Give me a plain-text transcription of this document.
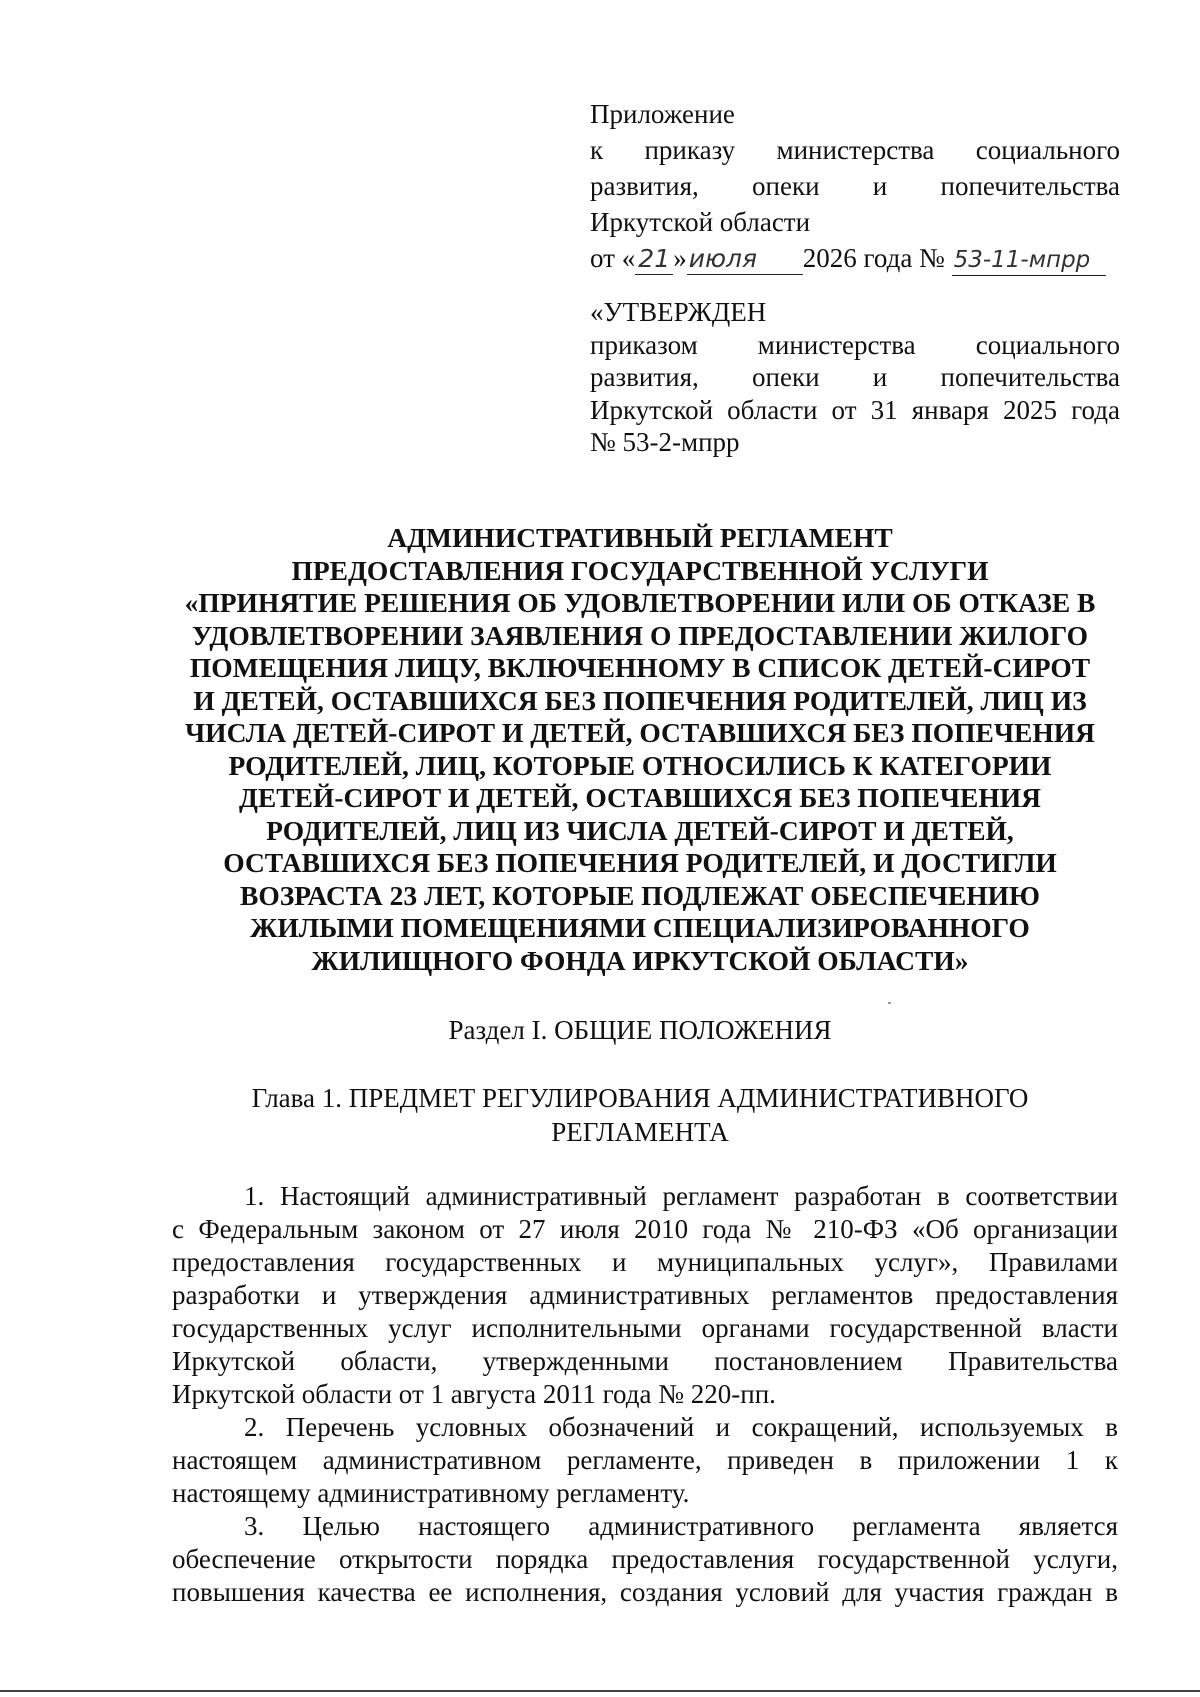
Приложение
к приказу министерства социального
развития, опеки и попечительства
Иркутской области
от « 21 »июля 2026 года № 53-11-мпрр
«УТВЕРЖДЕН
приказом министерства социального
развития, опеки и попечительства
Иркутской области от 31 января 2025 года
№ 53-2-мпрр
АДМИНИСТРАТИВНЫЙ РЕГЛАМЕНТ
ПРЕДОСТАВЛЕНИЯ ГОСУДАРСТВЕННОЙ УСЛУГИ
«ПРИНЯТИЕ РЕШЕНИЯ ОБ УДОВЛЕТВОРЕНИИ ИЛИ ОБ ОТКАЗЕ В
УДОВЛЕТВОРЕНИИ ЗАЯВЛЕНИЯ О ПРЕДОСТАВЛЕНИИ ЖИЛОГО
ПОМЕЩЕНИЯ ЛИЦУ, ВКЛЮЧЕННОМУ В СПИСОК ДЕТЕЙ-СИРОТ
И ДЕТЕЙ, ОСТАВШИХСЯ БЕЗ ПОПЕЧЕНИЯ РОДИТЕЛЕЙ, ЛИЦ ИЗ
ЧИСЛА ДЕТЕЙ-СИРОТ И ДЕТЕЙ, ОСТАВШИХСЯ БЕЗ ПОПЕЧЕНИЯ
РОДИТЕЛЕЙ, ЛИЦ, КОТОРЫЕ ОТНОСИЛИСЬ К КАТЕГОРИИ
ДЕТЕЙ-СИРОТ И ДЕТЕЙ, ОСТАВШИХСЯ БЕЗ ПОПЕЧЕНИЯ
РОДИТЕЛЕЙ, ЛИЦ ИЗ ЧИСЛА ДЕТЕЙ-СИРОТ И ДЕТЕЙ,
ОСТАВШИХСЯ БЕЗ ПОПЕЧЕНИЯ РОДИТЕЛЕЙ, И ДОСТИГЛИ
ВОЗРАСТА 23 ЛЕТ, КОТОРЫЕ ПОДЛЕЖАТ ОБЕСПЕЧЕНИЮ
ЖИЛЫМИ ПОМЕЩЕНИЯМИ СПЕЦИАЛИЗИРОВАННОГО
ЖИЛИЩНОГО ФОНДА ИРКУТСКОЙ ОБЛАСТИ»
Раздел I. ОБЩИЕ ПОЛОЖЕНИЯ
Глава 1. ПРЕДМЕТ РЕГУЛИРОВАНИЯ АДМИНИСТРАТИВНОГО
РЕГЛАМЕНТА

1. Настоящий административный регламент разработан в соответствии

с Федеральным законом от 27 июля 2010 года № 210-ФЗ «Об организации

предоставления государственных и муниципальных услуг», Правилами

разработки и утверждения административных регламентов предоставления

государственных услуг исполнительными органами государственной власти

Иркутской области, утвержденными постановлением Правительства

Иркутской области от 1 августа 2011 года № 220-пп.

2. Перечень условных обозначений и сокращений, используемых в

настоящем административном регламенте, приведен в приложении 1 к

настоящему административному регламенту.

3. Целью настоящего административного регламента является

обеспечение открытости порядка предоставления государственной услуги,

повышения качества ее исполнения, создания условий для участия граждан в
